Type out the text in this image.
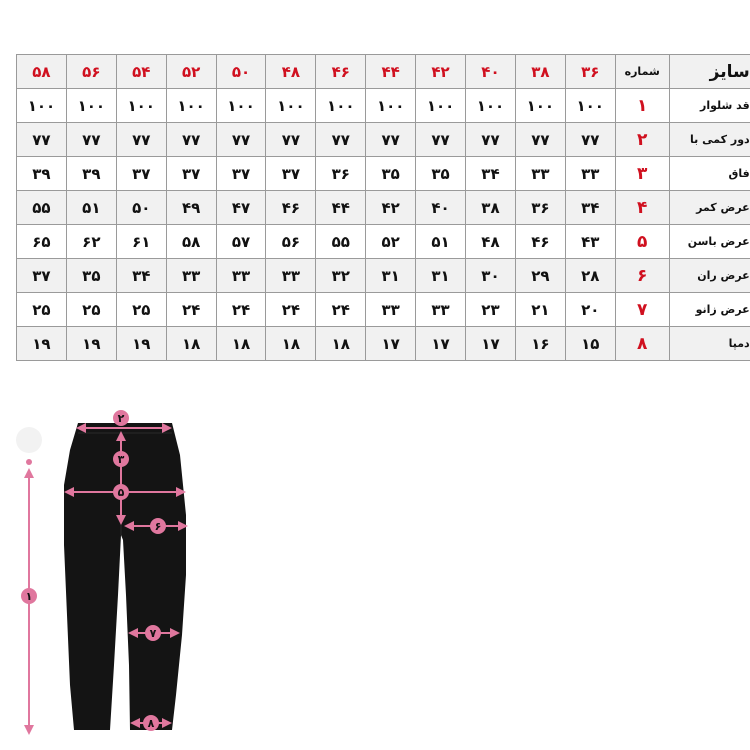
سایز	شماره	۳۶	۳۸	۴۰	۴۲	۴۴	۴۶	۴۸	۵۰	۵۲	۵۴	۵۶	۵۸
قد شلوار	۱	۱۰۰	۱۰۰	۱۰۰	۱۰۰	۱۰۰	۱۰۰	۱۰۰	۱۰۰	۱۰۰	۱۰۰	۱۰۰	۱۰۰
دور کمی با	۲	۷۷	۷۷	۷۷	۷۷	۷۷	۷۷	۷۷	۷۷	۷۷	۷۷	۷۷	۷۷
فاق	۳	۳۳	۳۳	۳۴	۳۵	۳۵	۳۶	۳۷	۳۷	۳۷	۳۷	۳۹	۳۹
عرض کمر	۴	۳۴	۳۶	۳۸	۴۰	۴۲	۴۴	۴۶	۴۷	۴۹	۵۰	۵۱	۵۵
عرض باسن	۵	۴۳	۴۶	۴۸	۵۱	۵۲	۵۵	۵۶	۵۷	۵۸	۶۱	۶۲	۶۵
عرض ران	۶	۲۸	۲۹	۳۰	۳۱	۳۱	۳۲	۳۳	۳۳	۳۳	۳۴	۳۵	۳۷
عرض زانو	۷	۲۰	۲۱	۲۳	۳۳	۳۳	۲۴	۲۴	۲۴	۲۴	۲۵	۲۵	۲۵
دمپا	۸	۱۵	۱۶	۱۷	۱۷	۱۷	۱۸	۱۸	۱۸	۱۸	۱۹	۱۹	۱۹
۱
۲
۳
۵
۶
۷
۸
